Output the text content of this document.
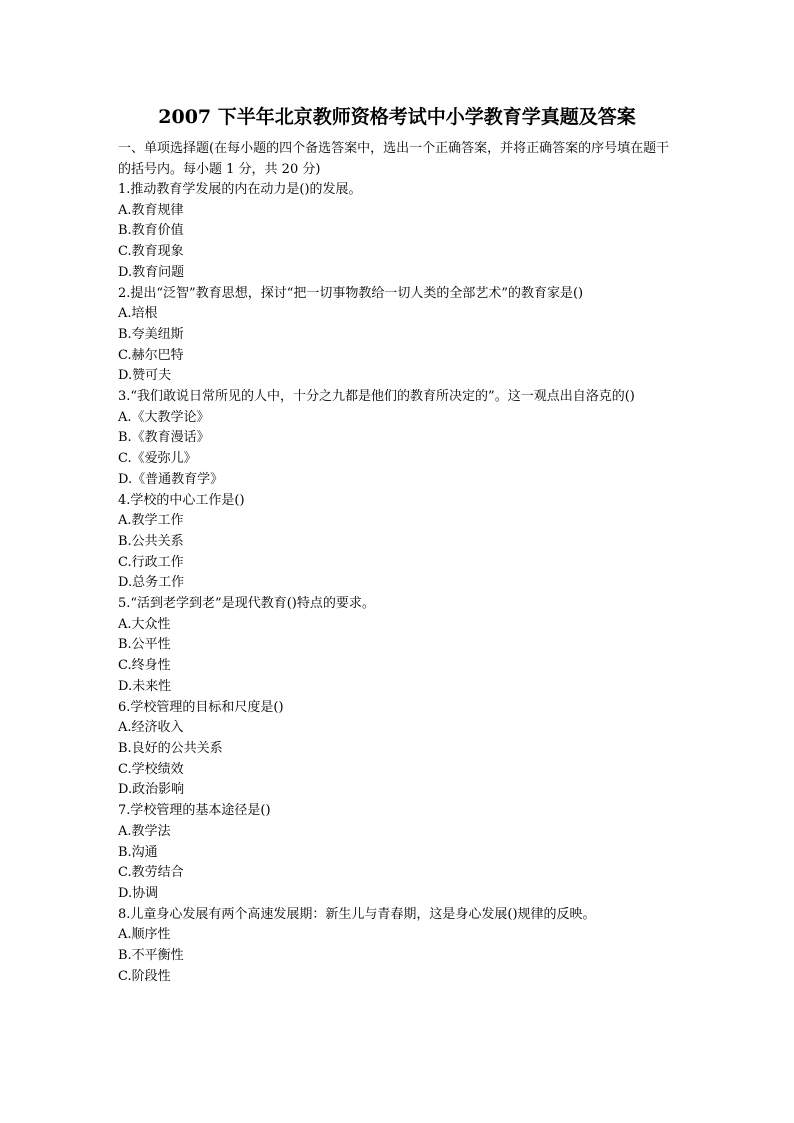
2007 下半年北京教师资格考试中小学教育学真题及答案

一、单项选择题(在每小题的四个备选答案中，选出一个正确答案，并将正确答案的序号填在题干的括号内。每小题 1 分，共 20 分)

1.推动教育学发展的内在动力是()的发展。

A.教育规律

B.教育价值

C.教育现象

D.教育问题

2.提出“泛智”教育思想，探讨“把一切事物教给一切人类的全部艺术”的教育家是()

A.培根

B.夸美纽斯

C.赫尔巴特

D.赞可夫

3.“我们敢说日常所见的人中，十分之九都是他们的教育所决定的”。这一观点出自洛克的()

A.《大教学论》

B.《教育漫话》

C.《爱弥儿》

D.《普通教育学》

4.学校的中心工作是()

A.教学工作

B.公共关系

C.行政工作

D.总务工作

5.“活到老学到老”是现代教育()特点的要求。

A.大众性

B.公平性

C.终身性

D.未来性

6.学校管理的目标和尺度是()

A.经济收入

B.良好的公共关系

C.学校绩效

D.政治影响

7.学校管理的基本途径是()

A.教学法

B.沟通

C.教劳结合

D.协调

8.儿童身心发展有两个高速发展期：新生儿与青春期，这是身心发展()规律的反映。

A.顺序性

B.不平衡性

C.阶段性
